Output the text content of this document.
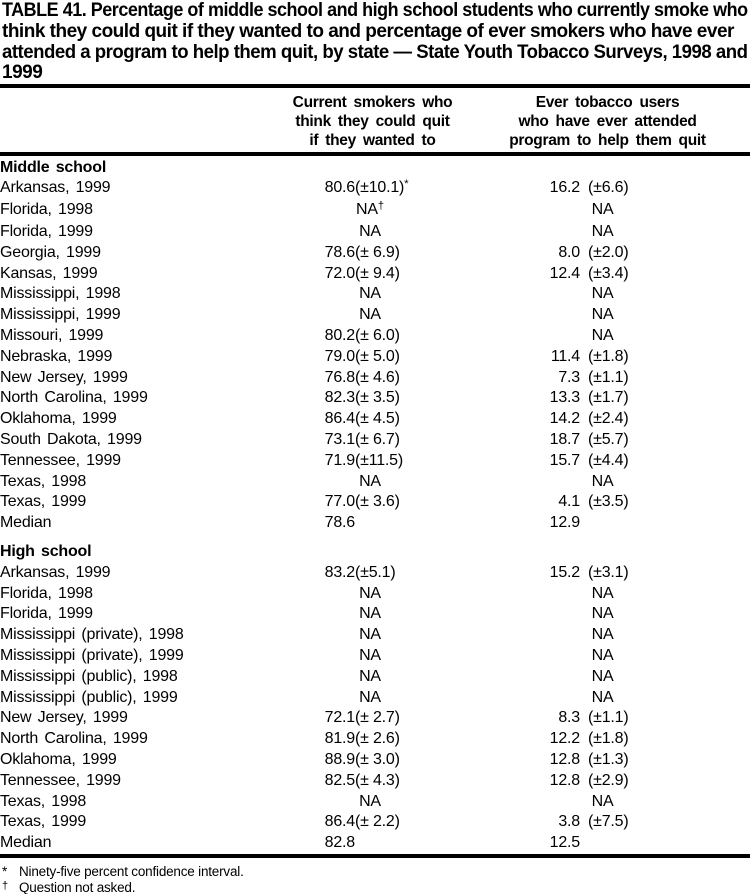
TABLE 41. Percentage of middle school and high school students who currently smoke who
think they could quit if they wanted to and percentage of ever smokers who have ever
attended a program to help them quit, by state — State Youth Tobacco Surveys, 1998 and
1999
Current smokers who
think they could quit
if they wanted to
Ever tobacco users
who have ever attended
program to help them quit
Middle school				
Arkansas, 1999	80.6	(±10.1)*	16.2	(±6.6)
Florida, 1998	NA†		NA	
Florida, 1999	NA		NA	
Georgia, 1999	78.6	(± 6.9)	8.0	(±2.0)
Kansas, 1999	72.0	(± 9.4)	12.4	(±3.4)
Mississippi, 1998	NA		NA	
Mississippi, 1999	NA		NA	
Missouri, 1999	80.2	(± 6.0)	NA	
Nebraska, 1999	79.0	(± 5.0)	11.4	(±1.8)
New Jersey, 1999	76.8	(± 4.6)	7.3	(±1.1)
North Carolina, 1999	82.3	(± 3.5)	13.3	(±1.7)
Oklahoma, 1999	86.4	(± 4.5)	14.2	(±2.4)
South Dakota, 1999	73.1	(± 6.7)	18.7	(±5.7)
Tennessee, 1999	71.9	(±11.5)	15.7	(±4.4)
Texas, 1998	NA		NA	
Texas, 1999	77.0	(± 3.6)	4.1	(±3.5)
Median	78.6		12.9	
High school				
Arkansas, 1999	83.2	(±5.1)	15.2	(±3.1)
Florida, 1998	NA		NA	
Florida, 1999	NA		NA	
Mississippi (private), 1998	NA		NA	
Mississippi (private), 1999	NA		NA	
Mississippi (public), 1998	NA		NA	
Mississippi (public), 1999	NA		NA	
New Jersey, 1999	72.1	(± 2.7)	8.3	(±1.1)
North Carolina, 1999	81.9	(± 2.6)	12.2	(±1.8)
Oklahoma, 1999	88.9	(± 3.0)	12.8	(±1.3)
Tennessee, 1999	82.5	(± 4.3)	12.8	(±2.9)
Texas, 1998	NA		NA	
Texas, 1999	86.4	(± 2.2)	3.8	(±7.5)
Median	82.8		12.5	
* Ninety-five percent confidence interval.
† Question not asked.
